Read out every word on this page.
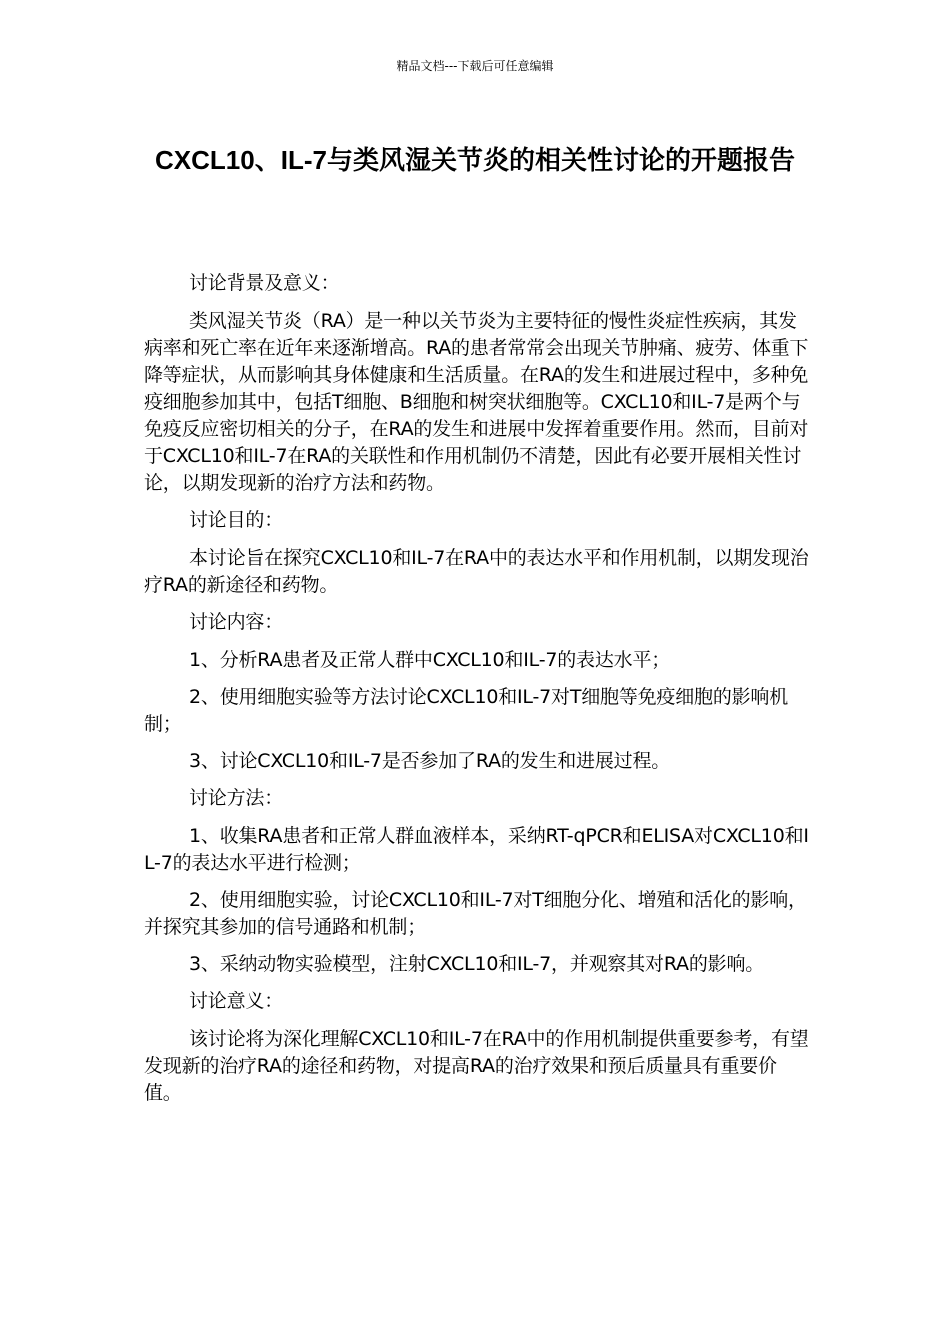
精品文档---下载后可任意编辑
CXCL10、IL-7与类风湿关节炎的相关性讨论的开题报告

讨论背景及意义：

类风湿关节炎（RA）是一种以关节炎为主要特征的慢性炎症性疾病，其发病率和死亡率在近年来逐渐增高。RA的患者常常会出现关节肿痛、疲劳、体重下降等症状，从而影响其身体健康和生活质量。在RA的发生和进展过程中，多种免疫细胞参加其中，包括T细胞、B细胞和树突状细胞等。CXCL10和IL-7是两个与免疫反应密切相关的分子，在RA的发生和进展中发挥着重要作用。然而，目前对于CXCL10和IL-7在RA的关联性和作用机制仍不清楚，因此有必要开展相关性讨论，以期发现新的治疗方法和药物。

讨论目的：

本讨论旨在探究CXCL10和IL-7在RA中的表达水平和作用机制，以期发现治疗RA的新途径和药物。

讨论内容：

1、分析RA患者及正常人群中CXCL10和IL-7的表达水平；

2、使用细胞实验等方法讨论CXCL10和IL-7对T细胞等免疫细胞的影响机制；

3、讨论CXCL10和IL-7是否参加了RA的发生和进展过程。

讨论方法：

1、收集RA患者和正常人群血液样本，采纳RT-qPCR和ELISA对CXCL10和IL-7的表达水平进行检测；

2、使用细胞实验，讨论CXCL10和IL-7对T细胞分化、增殖和活化的影响，并探究其参加的信号通路和机制；

3、采纳动物实验模型，注射CXCL10和IL-7，并观察其对RA的影响。

讨论意义：

该讨论将为深化理解CXCL10和IL-7在RA中的作用机制提供重要参考，有望发现新的治疗RA的途径和药物，对提高RA的治疗效果和预后质量具有重要价值。
